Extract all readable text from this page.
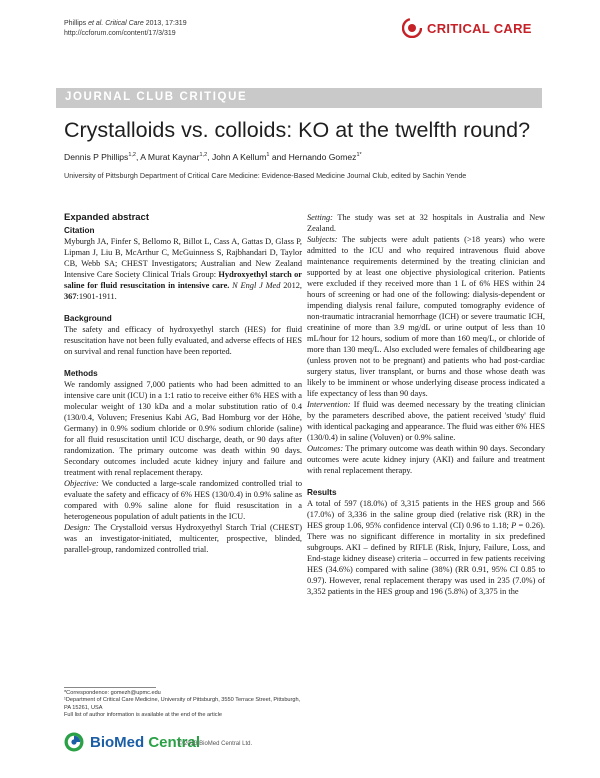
Phillips et al. Critical Care 2013, 17:319
http://ccforum.com/content/17/3/319	CRITICAL CARE
JOURNAL CLUB CRITIQUE
Crystalloids vs. colloids: KO at the twelfth round?
Dennis P Phillips$^{1,2}$, A Murat Kaynar$^{1,2}$, John A Kellum$^1$ and Hernando Gomez$^{1*}$
University of Pittsburgh Department of Critical Care Medicine: Evidence-Based Medicine Journal Club, edited by Sachin Yende
Expanded abstract
Citation

Myburgh JA, Finfer S, Bellomo R, Billot L, Cass A, Gattas D, Glass P, Lipman J, Liu B, McArthur C, McGuinness S, Rajbhandari D, Taylor CB, Webb SA; CHEST Investigators; Australian and New Zealand Intensive Care Society Clinical Trials Group: Hydroxyethyl starch or saline for fluid resuscitation in intensive care. N Engl J Med 2012, 367:1901-1911.

Background

The safety and efficacy of hydroxyethyl starch (HES) for fluid resuscitation have not been fully evaluated, and adverse effects of HES on survival and renal function have been reported.

Methods

We randomly assigned 7,000 patients who had been admitted to an intensive care unit (ICU) in a 1:1 ratio to receive either 6% HES with a molecular weight of 130 kDa and a molar substitution ratio of 0.4 (130/0.4, Voluven; Fresenius Kabi AG, Bad Homburg vor der Höhe, Germany) in 0.9% sodium chloride or 0.9% sodium chloride (saline) for all fluid resuscitation until ICU discharge, death, or 90 days after randomization. The primary outcome was death within 90 days. Secondary outcomes included acute kidney injury and failure and treatment with renal replacement therapy.

Objective: We conducted a large-scale randomized controlled trial to evaluate the safety and efficacy of 6% HES (130/0.4) in 0.9% saline as compared with 0.9% saline alone for fluid resuscitation in a heterogeneous population of adult patients in the ICU.

Design: The Crystalloid versus Hydroxyethyl Starch Trial (CHEST) was an investigator-initiated, multicenter, prospective, blinded, parallel-group, randomized controlled trial.

Setting: The study was set at 32 hospitals in Australia and New Zealand.

Subjects: The subjects were adult patients (>18 years) who were admitted to the ICU and who required intravenous fluid above maintenance requirements determined by the treating clinician and supported by at least one objective physiological criterion. Patients were excluded if they received more than 1 L of 6% HES within 24 hours of screening or had one of the following: dialysis-dependent or impending dialysis renal failure, computed tomography evidence of non-traumatic intracranial hemorrhage (ICH) or severe traumatic ICH, creatinine of more than 3.9 mg/dL or urine output of less than 10 mL/hour for 12 hours, sodium of more than 160 meq/L, or chloride of more than 130 meq/L. Also excluded were females of childbearing age (unless proven not to be pregnant) and patients who had post-cardiac surgery status, liver transplant, or burns and those whose death was likely to be imminent or whose underlying disease process indicated a life expectancy of less than 90 days.

Intervention: If fluid was deemed necessary by the treating clinician by the parameters described above, the patient received 'study' fluid with identical packaging and appearance. The fluid was either 6% HES (130/0.4) in saline (Voluven) or 0.9% saline.

Outcomes: The primary outcome was death within 90 days. Secondary outcomes were acute kidney injury (AKI) and failure and treatment with renal replacement therapy.

Results

A total of 597 (18.0%) of 3,315 patients in the HES group and 566 (17.0%) of 3,336 in the saline group died (relative risk (RR) in the HES group 1.06, 95% confidence interval (CI) 0.96 to 1.18; P = 0.26). There was no significant difference in mortality in six predefined subgroups. AKI – defined by RIFLE (Risk, Injury, Failure, Loss, and End-stage kidney disease) criteria – occurred in few patients receiving HES (34.6%) compared with saline (38%) (RR 0.91, 95% CI 0.85 to 0.97). However, renal replacement therapy was used in 235 (7.0%) of 3,352 patients in the HES group and 196 (5.8%) of 3,375 in the

*Correspondence: gomezh@upmc.edu
¹Department of Critical Care Medicine, University of Pittsburgh, 3550 Terrace Street, Pittsburgh, PA 15261, USA
Full list of author information is available at the end of the article
BioMed Central
© 2013 BioMed Central Ltd.
